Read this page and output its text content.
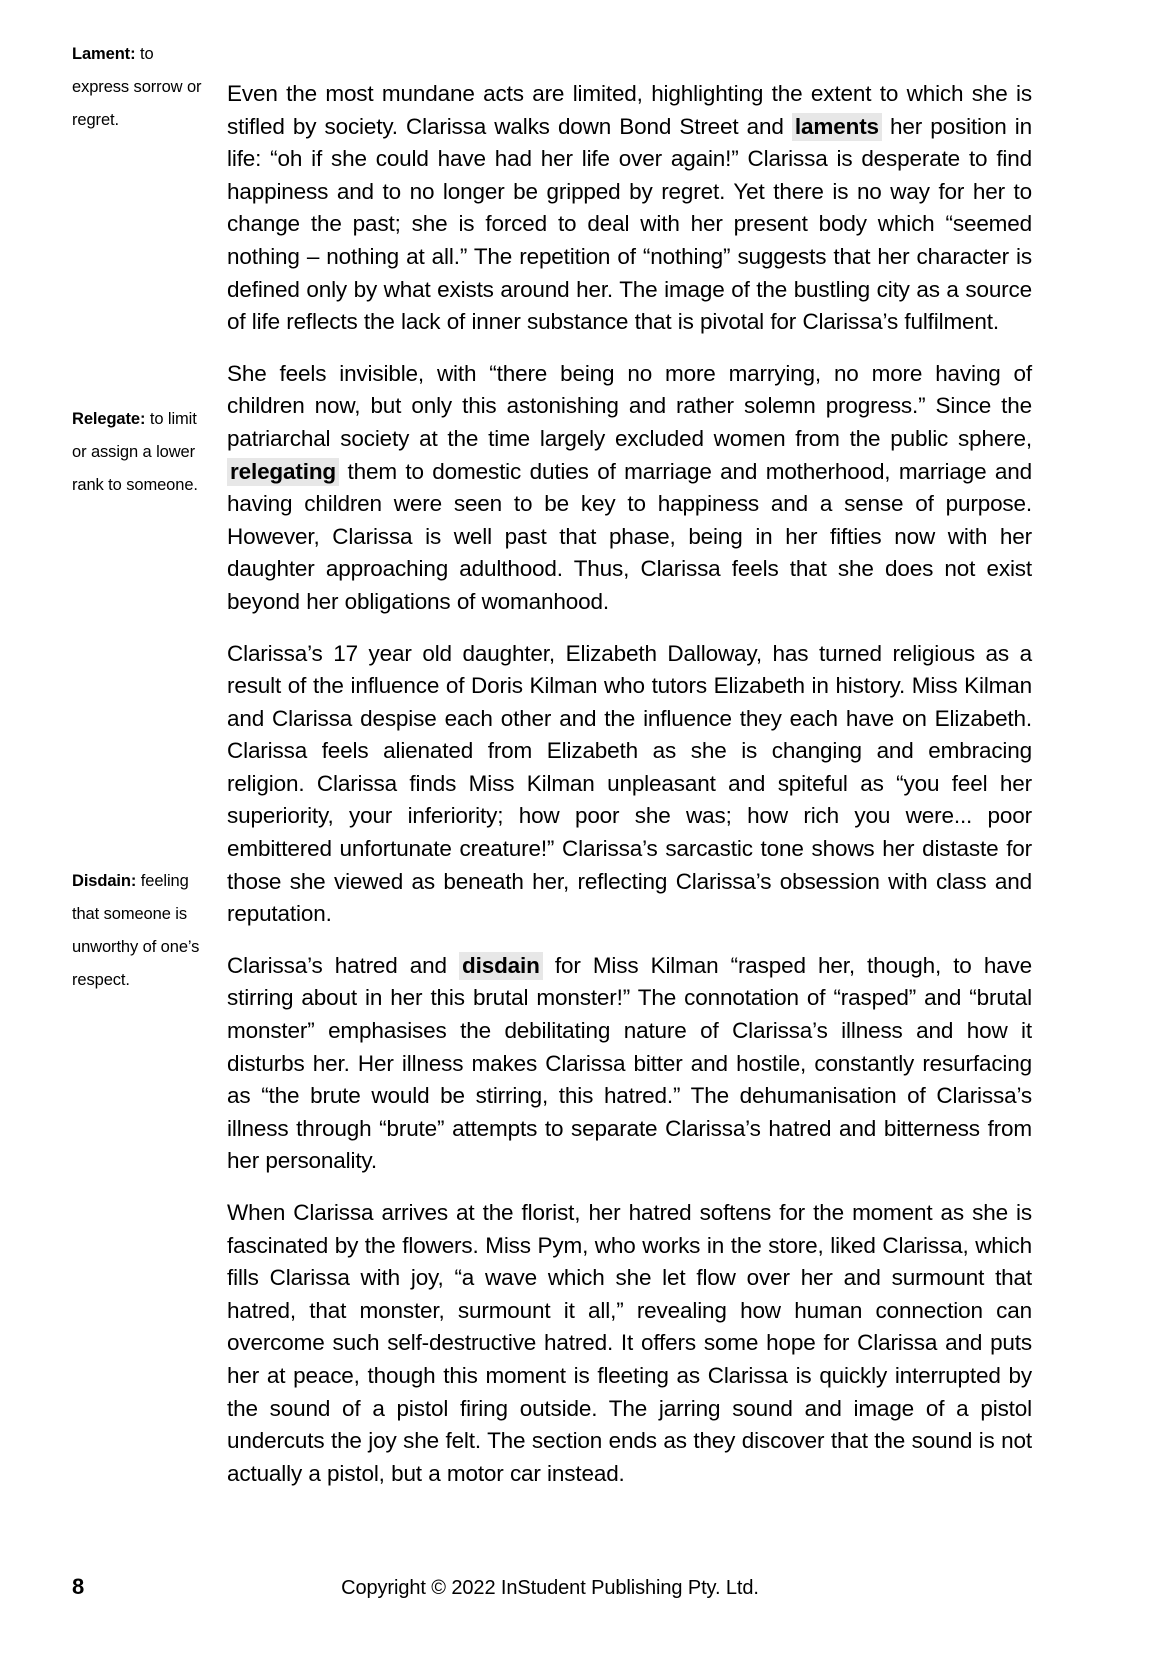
Lament: to express sorrow or regret.
Relegate: to limit or assign a lower rank to someone.
Disdain: feeling that someone is unworthy of one’s respect.

Even the most mundane acts are limited, highlighting the extent to which she is stifled by society. Clarissa walks down Bond Street and laments her position in life: “oh if she could have had her life over again!” Clarissa is desperate to find happiness and to no longer be gripped by regret. Yet there is no way for her to change the past; she is forced to deal with her present body which “seemed nothing – nothing at all.” The repetition of “nothing” suggests that her character is defined only by what exists around her. The image of the bustling city as a source of life reflects the lack of inner substance that is pivotal for Clarissa’s fulfilment.

She feels invisible, with “there being no more marrying, no more having of children now, but only this astonishing and rather solemn progress.” Since the patriarchal society at the time largely excluded women from the public sphere, relegating them to domestic duties of marriage and motherhood, marriage and having children were seen to be key to happiness and a sense of purpose. However, Clarissa is well past that phase, being in her fifties now with her daughter approaching adulthood. Thus, Clarissa feels that she does not exist beyond her obligations of womanhood.

Clarissa’s 17 year old daughter, Elizabeth Dalloway, has turned religious as a result of the influence of Doris Kilman who tutors Elizabeth in history. Miss Kilman and Clarissa despise each other and the influence they each have on Elizabeth. Clarissa feels alienated from Elizabeth as she is changing and embracing religion. Clarissa finds Miss Kilman unpleasant and spiteful as “you feel her superiority, your inferiority; how poor she was; how rich you were... poor embittered unfortunate creature!” Clarissa’s sarcastic tone shows her distaste for those she viewed as beneath her, reflecting Clarissa’s obsession with class and reputation.

Clarissa’s hatred and disdain for Miss Kilman “rasped her, though, to have stirring about in her this brutal monster!” The connotation of “rasped” and “brutal monster” emphasises the debilitating nature of Clarissa’s illness and how it disturbs her. Her illness makes Clarissa bitter and hostile, constantly resurfacing as “the brute would be stirring, this hatred.” The dehumanisation of Clarissa’s illness through “brute” attempts to separate Clarissa’s hatred and bitterness from her personality.

When Clarissa arrives at the florist, her hatred softens for the moment as she is fascinated by the flowers. Miss Pym, who works in the store, liked Clarissa, which fills Clarissa with joy, “a wave which she let flow over her and surmount that hatred, that monster, surmount it all,” revealing how human connection can overcome such self-destructive hatred. It offers some hope for Clarissa and puts her at peace, though this moment is fleeting as Clarissa is quickly interrupted by the sound of a pistol firing outside. The jarring sound and image of a pistol undercuts the joy she felt. The section ends as they discover that the sound is not actually a pistol, but a motor car instead.

8	Copyright © 2022 InStudent Publishing Pty. Ltd.
